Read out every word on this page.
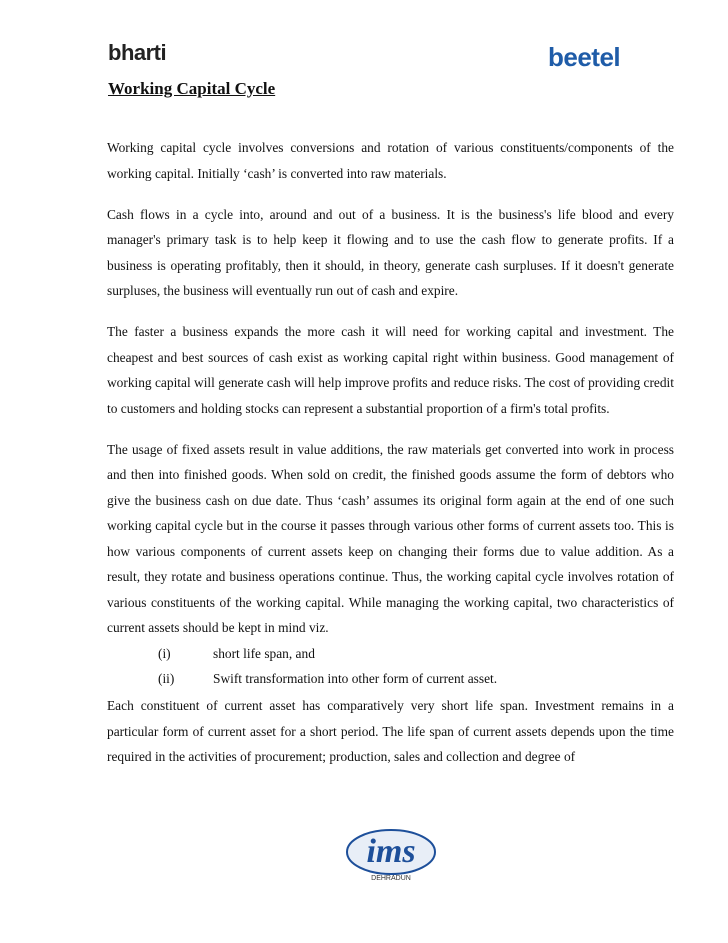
bharti	beetel
Working Capital Cycle

Working capital cycle involves conversions and rotation of various constituents/components of the working capital. Initially ‘cash’ is converted into raw materials.

Cash flows in a cycle into, around and out of a business. It is the business's life blood and every manager's primary task is to help keep it flowing and to use the cash flow to generate profits. If a business is operating profitably, then it should, in theory, generate cash surpluses. If it doesn't generate surpluses, the business will eventually run out of cash and expire.

The faster a business expands the more cash it will need for working capital and investment. The cheapest and best sources of cash exist as working capital right within business. Good management of working capital will generate cash will help improve profits and reduce risks. The cost of providing credit to customers and holding stocks can represent a substantial proportion of a firm's total profits.

The usage of fixed assets result in value additions, the raw materials get converted into work in process and then into finished goods. When sold on credit, the finished goods assume the form of debtors who give the business cash on due date. Thus ‘cash’ assumes its original form again at the end of one such working capital cycle but in the course it passes through various other forms of current assets too. This is how various components of current assets keep on changing their forms due to value addition. As a result, they rotate and business operations continue. Thus, the working capital cycle involves rotation of various constituents of the working capital. While managing the working capital, two characteristics of current assets should be kept in mind viz.

(i)	short life span, and
(ii)	Swift transformation into other form of current asset.

Each constituent of current asset has comparatively very short life span. Investment remains in a particular form of current asset for a short period. The life span of current assets depends upon the time required in the activities of procurement; production, sales and collection and degree of

ims
DEHRADUN
